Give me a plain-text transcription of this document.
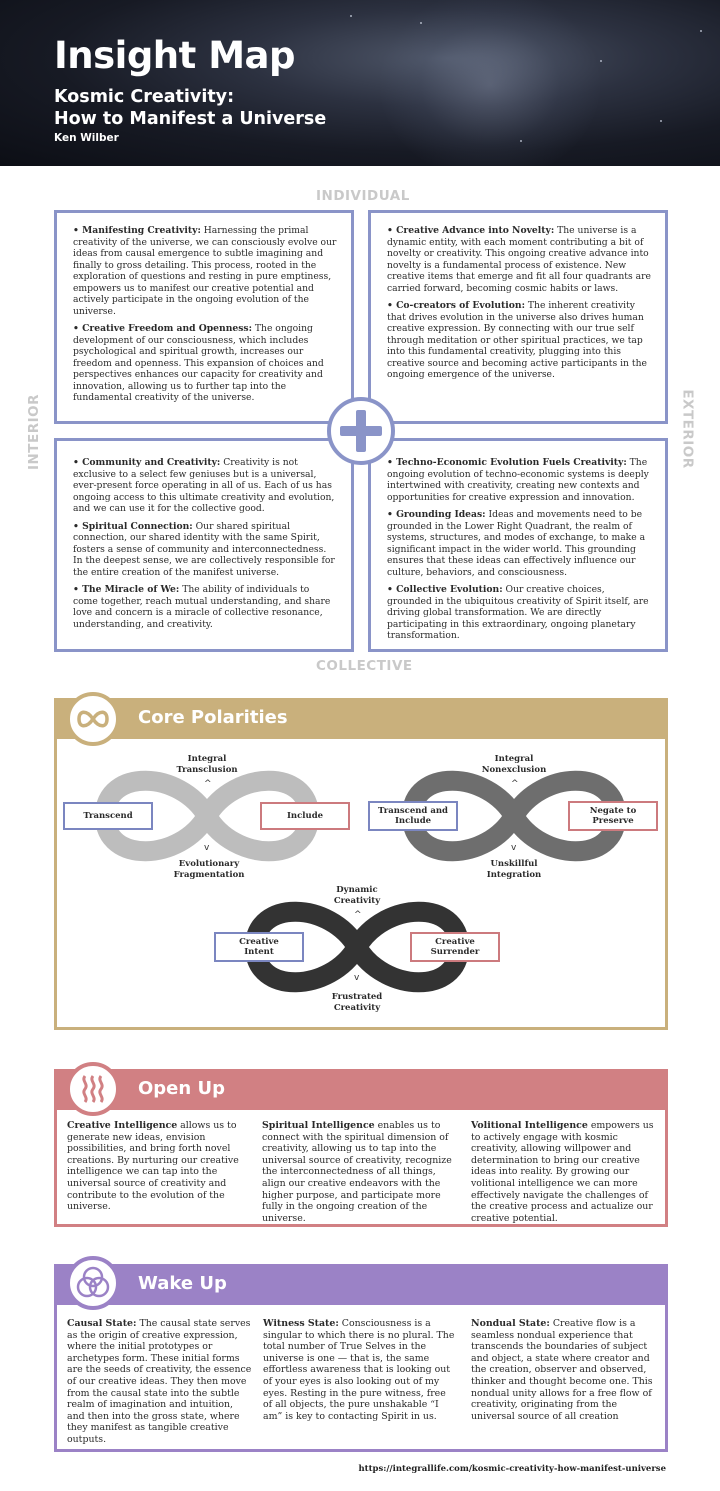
Insight Map
Kosmic Creativity:
How to Manifest a Universe
Ken Wilber
INDIVIDUAL
COLLECTIVE
INTERIOR	EXTERIOR
• Manifesting Creativity: Harnessing the primal creativity of the universe, we can consciously evolve our ideas from causal emergence to subtle imagining and finally to gross detailing. This process, rooted in the exploration of questions and resting in pure emptiness, empowers us to manifest our creative potential and actively participate in the ongoing evolution of the universe.
• Creative Freedom and Openness: The ongoing development of our consciousness, which includes psychological and spiritual growth, increases our freedom and openness. This expansion of choices and perspectives enhances our capacity for creativity and innovation, allowing us to further tap into the fundamental creativity of the universe.
• Creative Advance into Novelty: The universe is a dynamic entity, with each moment contributing a bit of novelty or creativity. This ongoing creative advance into novelty is a fundamental process of existence. New creative items that emerge and fit all four quadrants are carried forward, becoming cosmic habits or laws.
• Co-creators of Evolution: The inherent creativity that drives evolution in the universe also drives human creative expression. By connecting with our true self through meditation or other spiritual practices, we tap into this fundamental creativity, plugging into this creative source and becoming active participants in the ongoing emergence of the universe.
• Community and Creativity: Creativity is not exclusive to a select few geniuses but is a universal, ever-present force operating in all of us. Each of us has ongoing access to this ultimate creativity and evolution, and we can use it for the collective good.
• Spiritual Connection: Our shared spiritual connection, our shared identity with the same Spirit, fosters a sense of community and interconnectedness. In the deepest sense, we are collectively responsible for the entire creation of the manifest universe.
• The Miracle of We: The ability of individuals to come together, reach mutual understanding, and share love and concern is a miracle of collective resonance, understanding, and creativity.
• Techno-Economic Evolution Fuels Creativity: The ongoing evolution of techno-economic systems is deeply intertwined with creativity, creating new contexts and opportunities for creative expression and innovation.
• Grounding Ideas: Ideas and movements need to be grounded in the Lower Right Quadrant, the realm of systems, structures, and modes of exchange, to make a significant impact in the wider world. This grounding ensures that these ideas can effectively influence our culture, behaviors, and consciousness.
• Collective Evolution: Our creative choices, grounded in the ubiquitous creativity of Spirit itself, are driving global transformation. We are directly participating in this extraordinary, ongoing planetary transformation.
Core Polarities
Integral
Transclusion
^
v
Evolutionary
Fragmentation
Transcend	Include
Integral
Nonexclusion
^
v
Unskillful
Integration
Transcend and
Include
Negate to
Preserve
Dynamic
Creativity
^
v
Frustrated
Creativity
Creative
Intent
Creative
Surrender
Open Up
Creative Intelligence allows us to generate new ideas, envision possibilities, and bring forth novel creations. By nurturing our creative intelligence we can tap into the universal source of creativity and contribute to the evolution of the universe.
Spiritual Intelligence enables us to connect with the spiritual dimension of creativity, allowing us to tap into the universal source of creativity, recognize the interconnectedness of all things, align our creative endeavors with the higher purpose, and participate more fully in the ongoing creation of the universe.
Volitional Intelligence empowers us to actively engage with kosmic creativity, allowing willpower and determination to bring our creative ideas into reality. By growing our volitional intelligence we can more effectively navigate the challenges of the creative process and actualize our creative potential.
Wake Up
Causal State: The causal state serves as the origin of creative expression, where the initial prototypes or archetypes form. These initial forms are the seeds of creativity, the essence of our creative ideas. They then move from the causal state into the subtle realm of imagination and intuition, and then into the gross state, where they manifest as tangible creative outputs.
Witness State: Consciousness is a singular to which there is no plural. The total number of True Selves in the universe is one — that is, the same effortless awareness that is looking out of your eyes is also looking out of my eyes. Resting in the pure witness, free of all objects, the pure unshakable “I am” is key to contacting Spirit in us.
Nondual State: Creative flow is a seamless nondual experience that transcends the boundaries of subject and object, a state where creator and the creation, observer and observed, thinker and thought become one. This nondual unity allows for a free flow of creativity, originating from the universal source of all creation
https://integrallife.com/kosmic-creativity-how-manifest-universe
